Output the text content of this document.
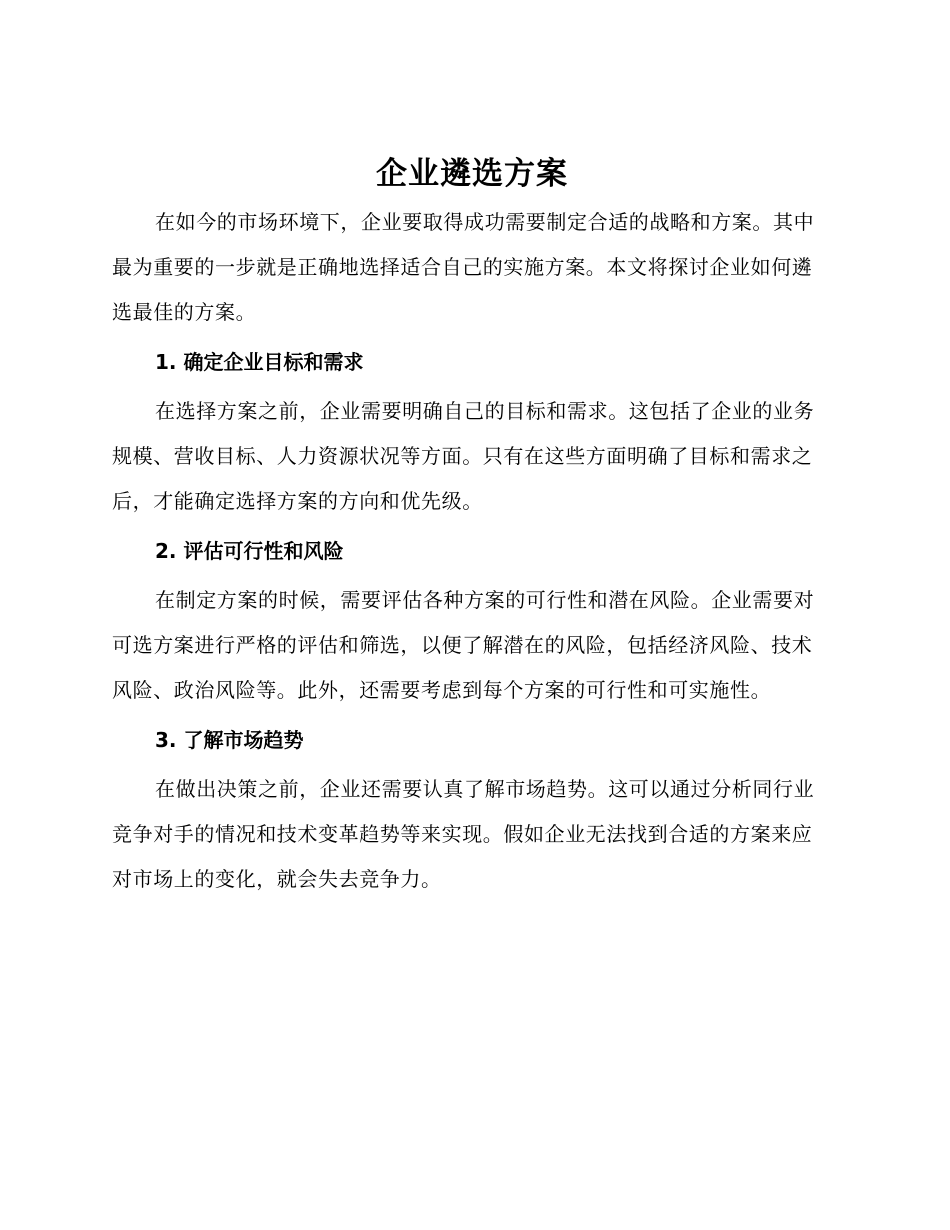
企业遴选方案

在如今的市场环境下，企业要取得成功需要制定合适的战略和方案。其中最为重要的一步就是正确地选择适合自己的实施方案。本文将探讨企业如何遴选最佳的方案。

1. 确定企业目标和需求

在选择方案之前，企业需要明确自己的目标和需求。这包括了企业的业务规模、营收目标、人力资源状况等方面。只有在这些方面明确了目标和需求之后，才能确定选择方案的方向和优先级。

2. 评估可行性和风险

在制定方案的时候，需要评估各种方案的可行性和潜在风险。企业需要对可选方案进行严格的评估和筛选，以便了解潜在的风险，包括经济风险、技术风险、政治风险等。此外，还需要考虑到每个方案的可行性和可实施性。

3. 了解市场趋势

在做出决策之前，企业还需要认真了解市场趋势。这可以通过分析同行业竞争对手的情况和技术变革趋势等来实现。假如企业无法找到合适的方案来应对市场上的变化，就会失去竞争力。
